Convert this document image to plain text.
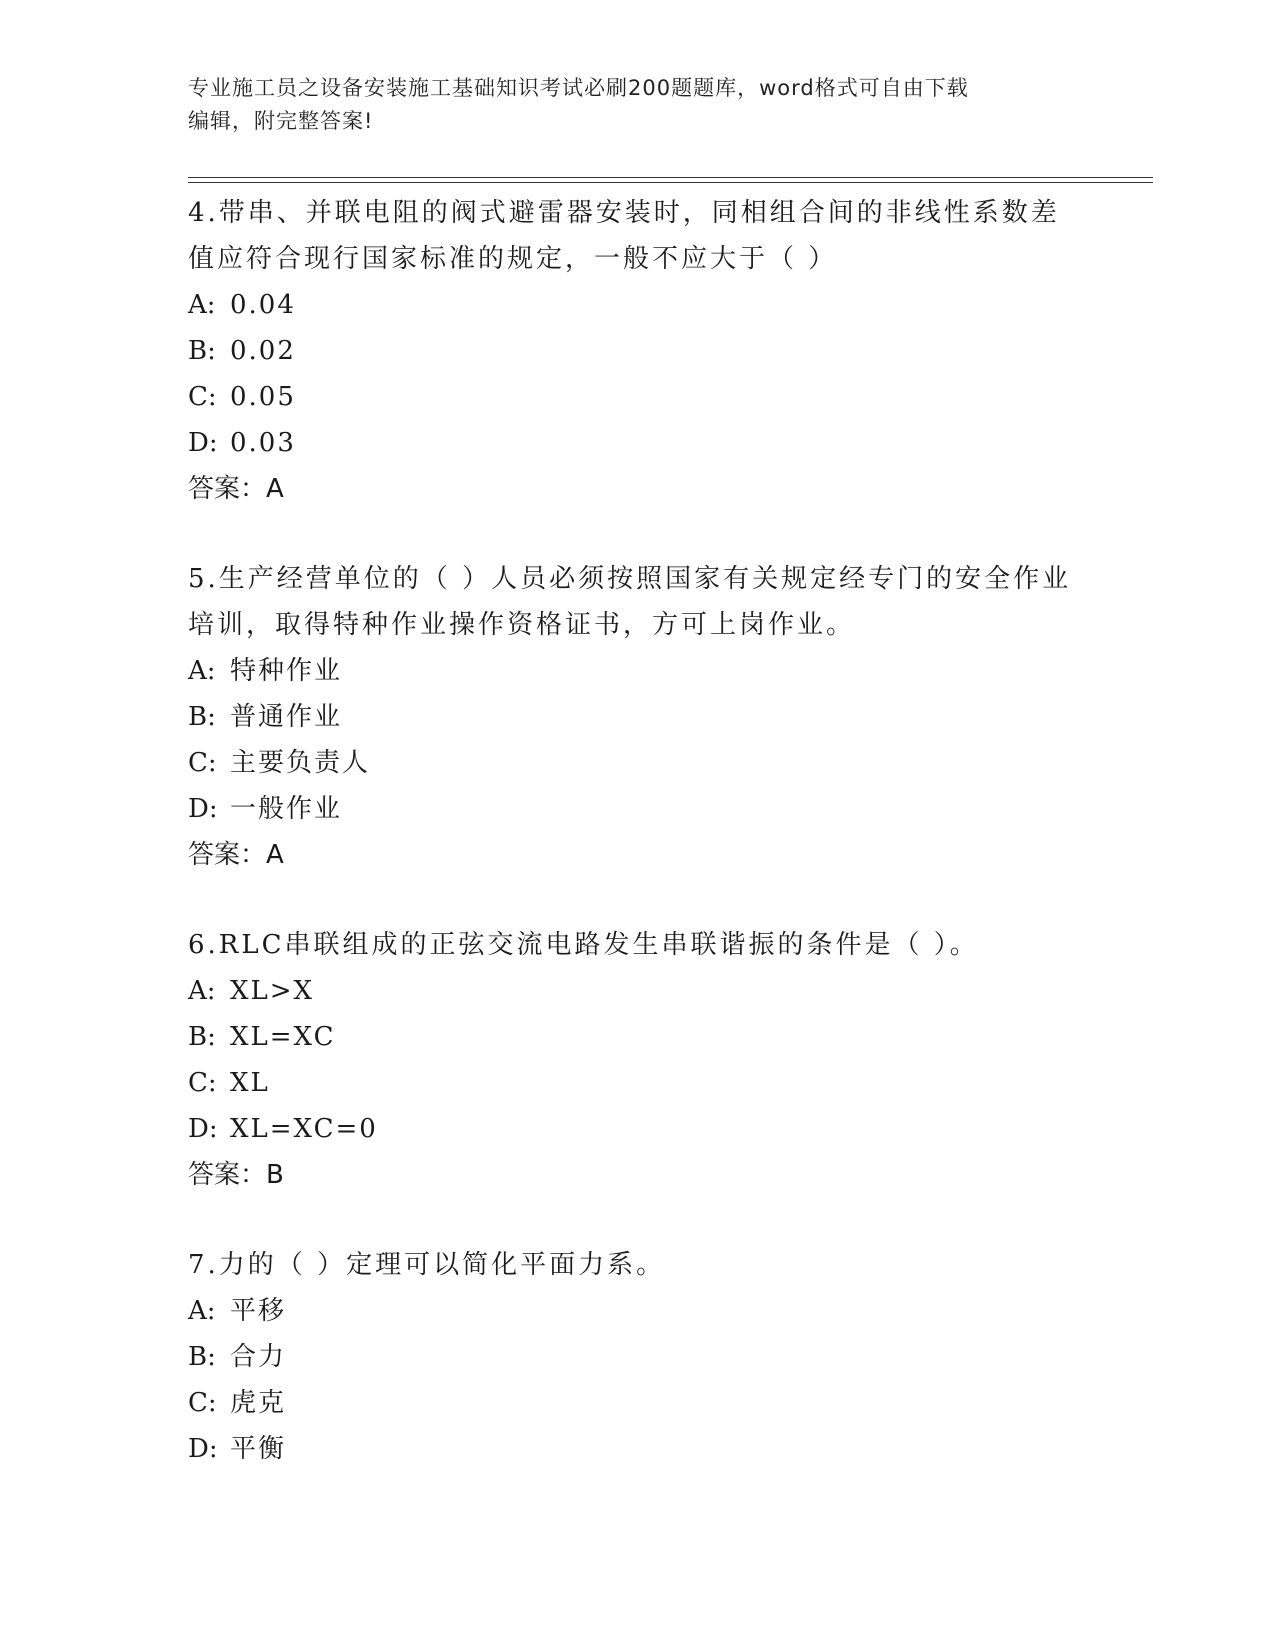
专业施工员之设备安装施工基础知识考试必刷200题题库，word格式可自由下载
编辑，附完整答案!
4.带串、并联电阻的阀式避雷器安装时，同相组合间的非线性系数差值应符合现行国家标准的规定，一般不应大于（ ）
A: 0.04
B: 0.02
C: 0.05
D: 0.03
答案：A
5.生产经营单位的（ ）人员必须按照国家有关规定经专门的安全作业培训，取得特种作业操作资格证书，方可上岗作业。
A: 特种作业
B: 普通作业
C: 主要负责人
D: 一般作业
答案：A
6.RLC串联组成的正弦交流电路发生串联谐振的条件是（ ）。
A: XL>X
B: XL=XC
C: XL
D: XL=XC=0
答案：B
7.力的（ ）定理可以简化平面力系。
A: 平移
B: 合力
C: 虎克
D: 平衡
